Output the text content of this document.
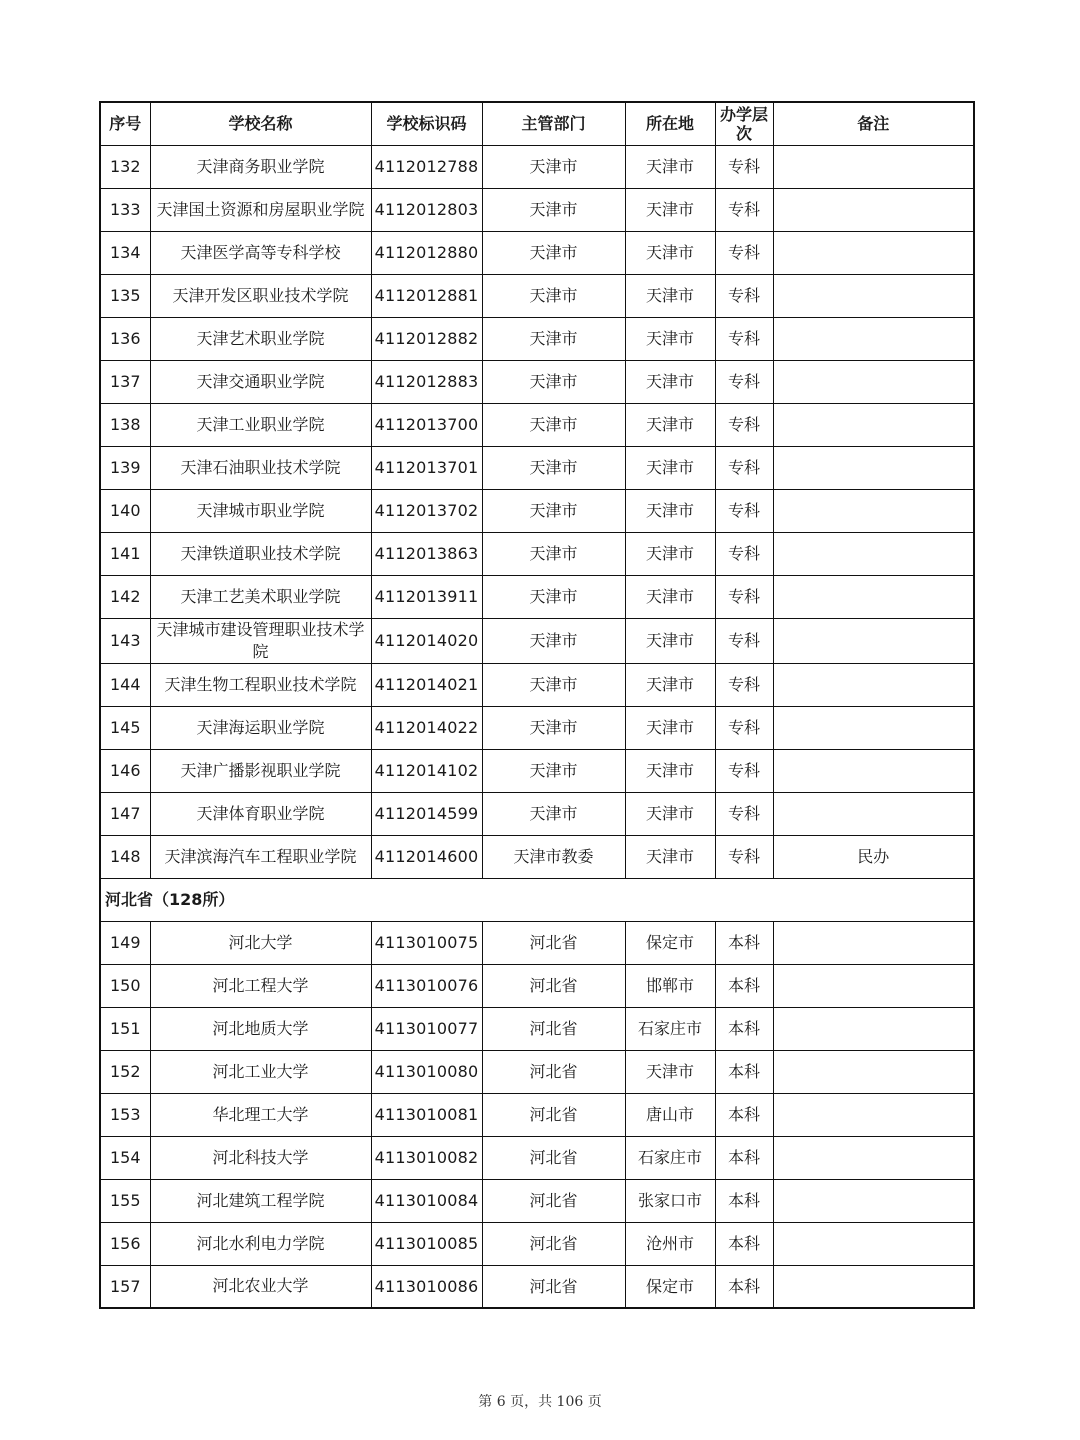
序号	学校名称	学校标识码	主管部门	所在地	办学层次	备注
132	天津商务职业学院	4112012788	天津市	天津市	专科	
133	天津国土资源和房屋职业学院	4112012803	天津市	天津市	专科	
134	天津医学高等专科学校	4112012880	天津市	天津市	专科	
135	天津开发区职业技术学院	4112012881	天津市	天津市	专科	
136	天津艺术职业学院	4112012882	天津市	天津市	专科	
137	天津交通职业学院	4112012883	天津市	天津市	专科	
138	天津工业职业学院	4112013700	天津市	天津市	专科	
139	天津石油职业技术学院	4112013701	天津市	天津市	专科	
140	天津城市职业学院	4112013702	天津市	天津市	专科	
141	天津铁道职业技术学院	4112013863	天津市	天津市	专科	
142	天津工艺美术职业学院	4112013911	天津市	天津市	专科	
143	天津城市建设管理职业技术学院	4112014020	天津市	天津市	专科	
144	天津生物工程职业技术学院	4112014021	天津市	天津市	专科	
145	天津海运职业学院	4112014022	天津市	天津市	专科	
146	天津广播影视职业学院	4112014102	天津市	天津市	专科	
147	天津体育职业学院	4112014599	天津市	天津市	专科	
148	天津滨海汽车工程职业学院	4112014600	天津市教委	天津市	专科	民办
河北省（128所）						
149	河北大学	4113010075	河北省	保定市	本科	
150	河北工程大学	4113010076	河北省	邯郸市	本科	
151	河北地质大学	4113010077	河北省	石家庄市	本科	
152	河北工业大学	4113010080	河北省	天津市	本科	
153	华北理工大学	4113010081	河北省	唐山市	本科	
154	河北科技大学	4113010082	河北省	石家庄市	本科	
155	河北建筑工程学院	4113010084	河北省	张家口市	本科	
156	河北水利电力学院	4113010085	河北省	沧州市	本科	
157	河北农业大学	4113010086	河北省	保定市	本科	
第 6 页，共 106 页
